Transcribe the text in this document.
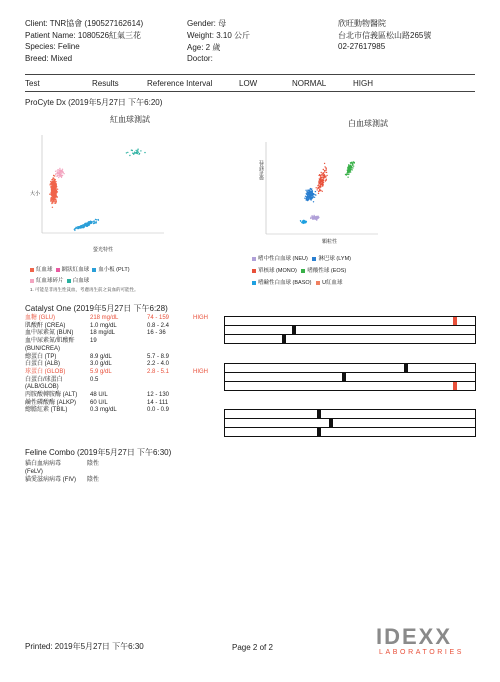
Client: TNR協會 (190527162614)
Patient Name: 1080526紅氣三花
Species: Feline
Breed: Mixed
Gender: 母
Weight: 3.10 公斤
Age: 2 歲
Doctor:
欣旺動物醫院
台北市信義區松山路265號
02-27617985
Test	Results	Reference Interval	LOW	NORMAL	HIGH
ProCyte Dx (2019年5月27日 下午6:20)
紅血球測試	白血球測試
大小
螢光特性
螢光特性
顆粒性
紅血球 網狀紅血球 血小板 (PLT)
紅血球碎片 白血球
1. 可能是非再生性貧血，考慮再生前之貧血的可能性。
嗜中性白血球 (NEU) 淋巴球 (LYM)
單核球 (MONO) 嗜酸性球 (EOS)
嗜鹼性白血球 (BASO) U紅血球
Catalyst One (2019年5月27日 下午6:28)
血糖 (GLU)	218 mg/dL	74 - 159	HIGH
肌酸酐 (CREA)	1.0 mg/dL	0.8 - 2.4
血中尿素氮 (BUN)	18 mg/dL	16 - 36
血中尿素氮/肌酸酐	19
(BUN/CREA)
總蛋白 (TP)	8.9 g/dL	5.7 - 8.9
白蛋白 (ALB)	3.0 g/dL	2.2 - 4.0
球蛋白 (GLOB)	5.9 g/dL	2.8 - 5.1	HIGH
白蛋白/球蛋白	0.5
(ALB/GLOB)
丙胺酸轉胺酶 (ALT) 48 U/L	12 - 130
鹼性磷酸酶 (ALKP) 60 U/L	14 - 111
總膽紅素 (TBIL)	0.3 mg/dL	0.0 - 0.9
Feline Combo (2019年5月27日 下午6:30)
貓白血病病毒	陰性
(FeLV)
貓愛滋病病毒 (FIV) 陰性
Printed: 2019年5月27日 下午6:30	Page 2 of 2	IDEXX
LABORATORIES
